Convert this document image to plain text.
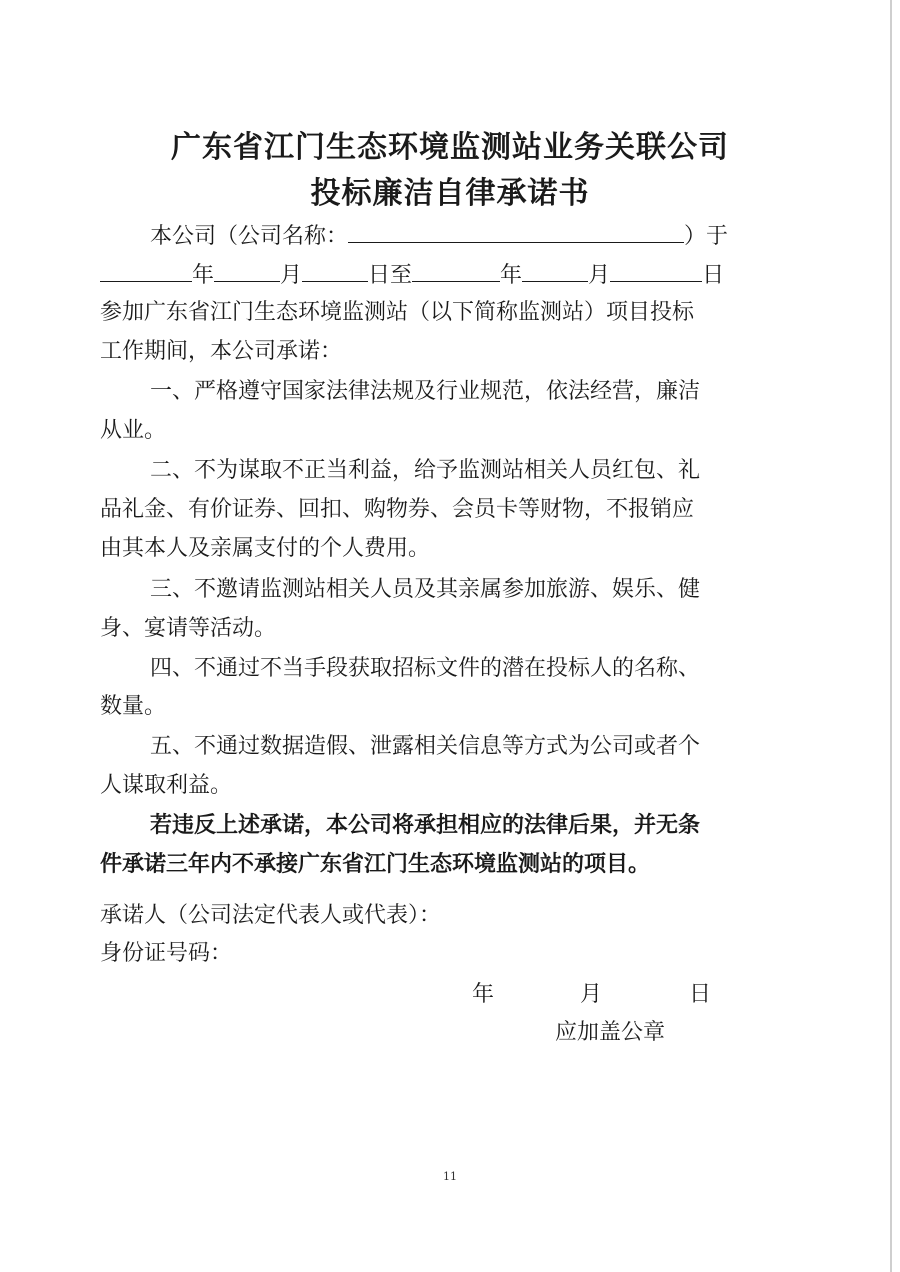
广东省江门生态环境监测站业务关联公司
投标廉洁自律承诺书
本公司（公司名称：	）于
年	月	日至	年	月	日
参加广东省江门生态环境监测站（以下简称监测站）项目投标
工作期间，本公司承诺：
一、严格遵守国家法律法规及行业规范，依法经营，廉洁
从业。
二、不为谋取不正当利益，给予监测站相关人员红包、礼
品礼金、有价证券、回扣、购物券、会员卡等财物，不报销应
由其本人及亲属支付的个人费用。
三、不邀请监测站相关人员及其亲属参加旅游、娱乐、健
身、宴请等活动。
四、不通过不当手段获取招标文件的潜在投标人的名称、
数量。
五、不通过数据造假、泄露相关信息等方式为公司或者个
人谋取利益。
若违反上述承诺，本公司将承担相应的法律后果，并无条
件承诺三年内不承接广东省江门生态环境监测站的项目。
承诺人（公司法定代表人或代表）：
身份证号码：
年	月	日
应加盖公章
11
